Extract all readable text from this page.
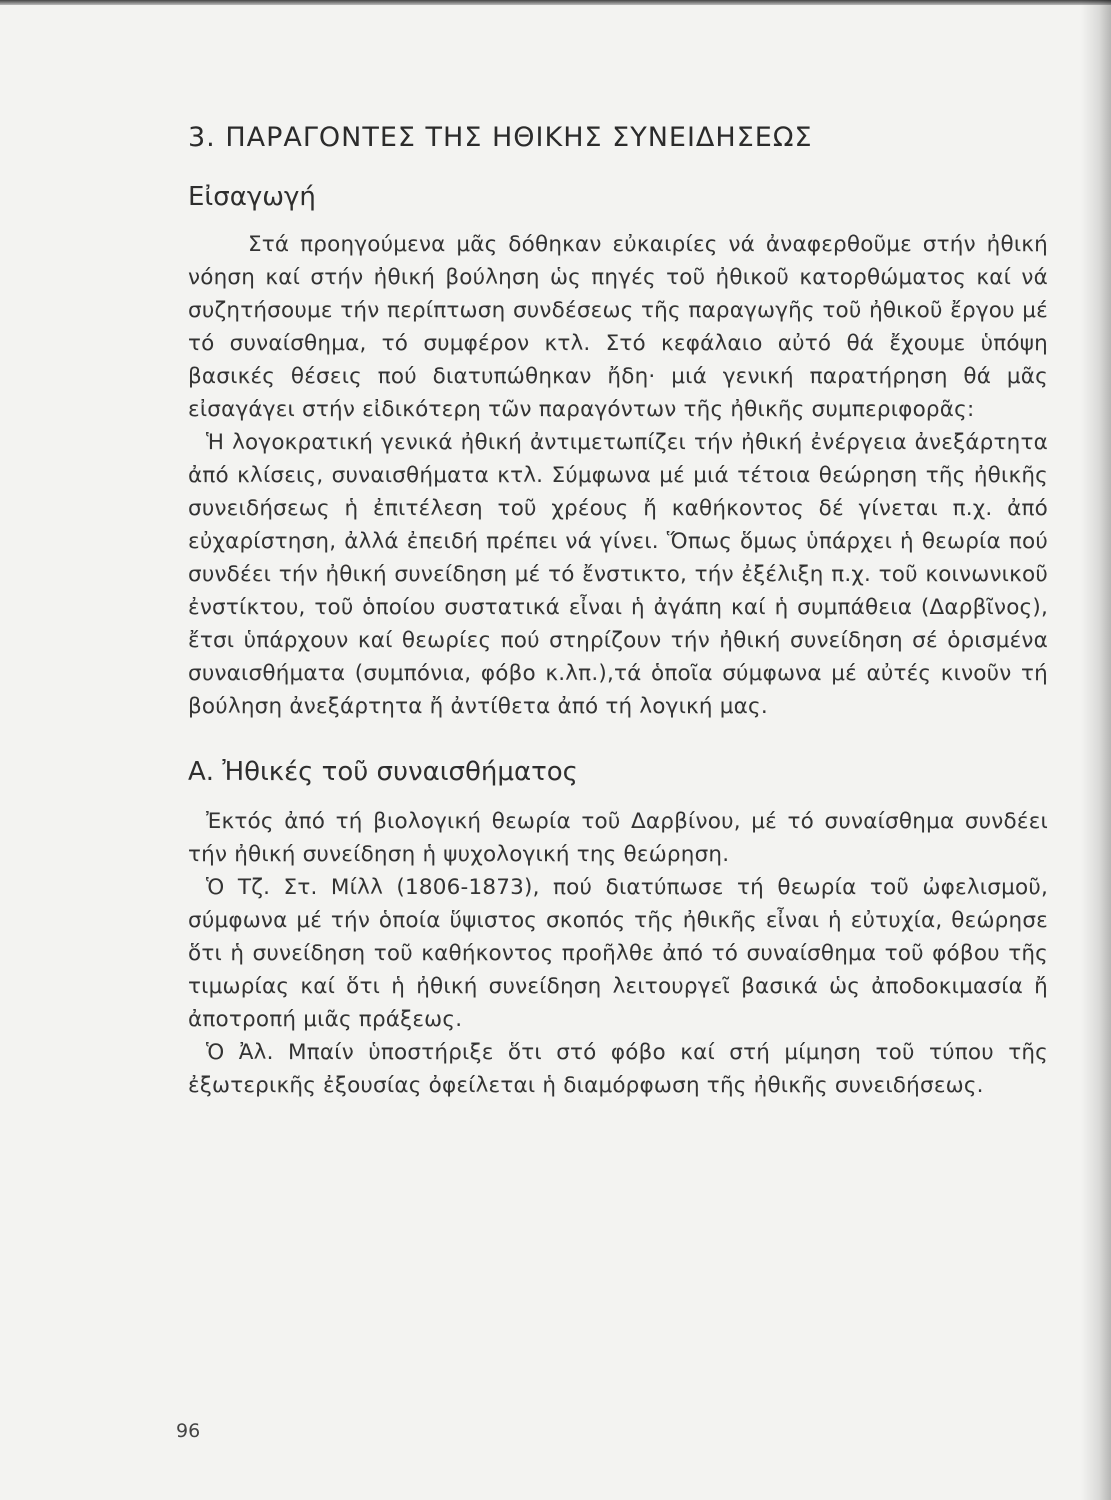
3. ΠΑΡΑΓΟΝΤΕΣ ΤΗΣ ΗΘΙΚΗΣ ΣΥΝΕΙΔΗΣΕΩΣ
Εἰσαγωγή

Στά προηγούμενα μᾶς δόθηκαν εὐκαιρίες νά ἀναφερθοῦμε στήν ἠθική νόηση καί στήν ἠθική βούληση ὡς πηγές τοῦ ἠθικοῦ κατορθώματος καί νά συζητήσουμε τήν περίπτωση συνδέσεως τῆς παραγωγῆς τοῦ ἠθικοῦ ἔργου μέ τό συναίσθημα, τό συμφέρον κτλ. Στό κεφάλαιο αὐτό θά ἔχουμε ὑπόψη βασικές θέσεις πού διατυπώθηκαν ἤδη· μιά γενική παρατήρηση θά μᾶς εἰσαγάγει στήν εἰδικότερη τῶν παραγόντων τῆς ἠθικῆς συμπεριφορᾶς:

Ἡ λογοκρατική γενικά ἠθική ἀντιμετωπίζει τήν ἠθική ἐνέργεια ἀνεξάρτητα ἀπό κλίσεις, συναισθήματα κτλ. Σύμφωνα μέ μιά τέτοια θεώρηση τῆς ἠθικῆς συνειδήσεως ἡ ἐπιτέλεση τοῦ χρέους ἤ καθήκοντος δέ γίνεται π.χ. ἀπό εὐχαρίστηση, ἀλλά ἐπειδή πρέπει νά γίνει. Ὅπως ὅμως ὑπάρχει ἡ θεωρία πού συνδέει τήν ἠθική συνείδηση μέ τό ἔνστικτο, τήν ἐξέλιξη π.χ. τοῦ κοινωνικοῦ ἐνστίκτου, τοῦ ὁποίου συστατικά εἶναι ἡ ἀγάπη καί ἡ συμπάθεια (Δαρβῖνος), ἔτσι ὑπάρχουν καί θεωρίες πού στηρίζουν τήν ἠθική συνείδηση σέ ὁρισμένα συναισθήματα (συμπόνια, φόβο κ.λπ.),τά ὁποῖα σύμφωνα μέ αὐτές κινοῦν τή βούληση ἀνεξάρτητα ἤ ἀντίθετα ἀπό τή λογική μας.

Α. Ἠθικές τοῦ συναισθήματος

Ἐκτός ἀπό τή βιολογική θεωρία τοῦ Δαρβίνου, μέ τό συναίσθημα συνδέει τήν ἠθική συνείδηση ἡ ψυχολογική της θεώρηση.

Ὁ Τζ. Στ. Μίλλ (1806-1873), πού διατύπωσε τή θεωρία τοῦ ὠφελισμοῦ, σύμφωνα μέ τήν ὁποία ὕψιστος σκοπός τῆς ἠθικῆς εἶναι ἡ εὐτυχία, θεώρησε ὅτι ἡ συνείδηση τοῦ καθήκοντος προῆλθε ἀπό τό συναίσθημα τοῦ φόβου τῆς τιμωρίας καί ὅτι ἡ ἠθική συνείδηση λειτουργεῖ βασικά ὡς ἀποδοκιμασία ἤ ἀποτροπή μιᾶς πράξεως.

Ὁ Ἀλ. Μπαίν ὑποστήριξε ὅτι στό φόβο καί στή μίμηση τοῦ τύπου τῆς ἐξωτερικῆς ἐξουσίας ὀφείλεται ἡ διαμόρφωση τῆς ἠθικῆς συνειδήσεως.

96
